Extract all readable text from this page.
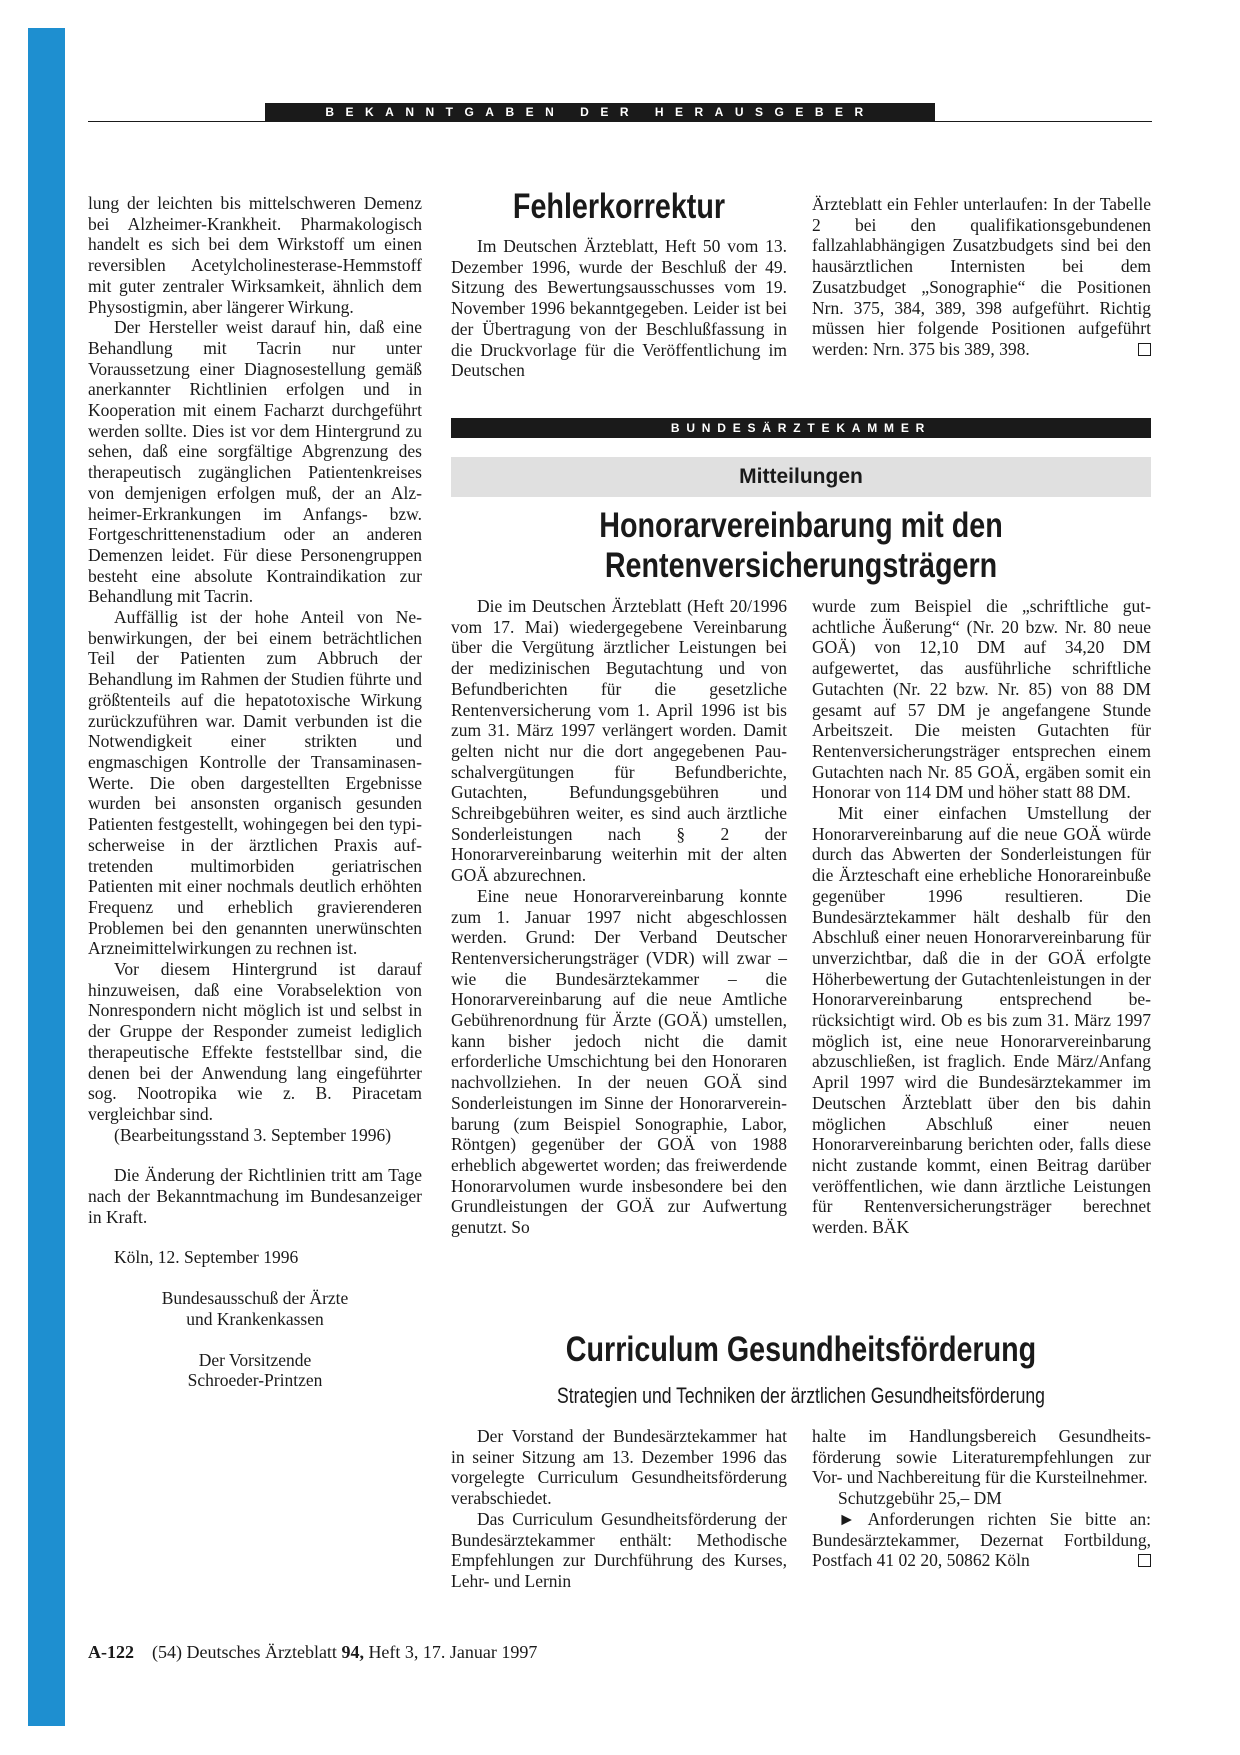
BEKANNTGABEN DER HERAUSGEBER

lung der leichten bis mittelschweren Demenz bei Alzheimer-Krankheit. Pharmakologisch handelt es sich bei dem Wirkstoff um einen reversiblen Acetylcholinesterase-Hemmstoff mit guter zentraler Wirksamkeit, ähnlich dem Physostigmin, aber längerer Wirkung.

Der Hersteller weist darauf hin, daß eine Behandlung mit Tacrin nur unter Voraussetzung einer Diagnosestellung gemäß anerkannter Richtlinien erfolgen und in Kooperation mit einem Facharzt durchgeführt werden sollte. Dies ist vor dem Hintergrund zu sehen, daß eine sorgfältige Abgrenzung des therapeutisch zugänglichen Patientenkreises von demjenigen erfolgen muß, der an Alzheimer-Erkrankungen im Anfangs- bzw. Fortgeschrittenenstadium oder an anderen Demenzen leidet. Für diese Personengruppen besteht eine absolute Kontraindikation zur Behandlung mit Tacrin.

Auffällig ist der hohe Anteil von Nebenwirkungen, der bei einem beträchtlichen Teil der Patienten zum Abbruch der Behandlung im Rahmen der Studien führte und größtenteils auf die hepatotoxische Wirkung zurückzuführen war. Damit verbunden ist die Notwendigkeit einer strikten und engmaschigen Kontrolle der Transaminasen-Werte. Die oben dargestellten Ergebnisse wurden bei ansonsten organisch gesunden Patienten festgestellt, wohingegen bei den typischerweise in der ärztlichen Praxis auftretenden multimorbiden geriatrischen Patienten mit einer nochmals deutlich erhöhten Frequenz und erheblich gravierenderen Problemen bei den genannten unerwünschten Arzneimittelwirkungen zu rechnen ist.

Vor diesem Hintergrund ist darauf hinzuweisen, daß eine Vorabselektion von Nonrespondern nicht möglich ist und selbst in der Gruppe der Responder zumeist lediglich therapeutische Effekte feststellbar sind, die denen bei der Anwendung lang eingeführter sog. Nootropika wie z. B. Piracetam vergleichbar sind.

(Bearbeitungsstand 3. September 1996)

Die Änderung der Richtlinien tritt am Tage nach der Bekanntmachung im Bundesanzeiger in Kraft.

Köln, 12. September 1996

Bundesausschuß der Ärzte

und Krankenkassen

Der Vorsitzende

Schroeder-Printzen

Fehlerkorrektur

Im Deutschen Ärzteblatt, Heft 50 vom 13. Dezember 1996, wurde der Beschluß der 49. Sitzung des Bewertungsausschusses vom 19. November 1996 bekanntgegeben. Leider ist bei der Übertragung von der Beschlußfassung in die Druckvorlage für die Veröffentlichung im Deutschen

Ärzteblatt ein Fehler unterlaufen: In der Tabelle 2 bei den qualifikationsgebundenen fallzahlabhängigen Zusatzbudgets sind bei den hausärztlichen Internisten bei dem Zusatzbudget „Sonographie“ die Positionen Nrn. 375, 384, 389, 398 aufgeführt. Richtig müssen hier folgende Positionen aufgeführt werden: Nrn. 375 bis 389, 398.

BUNDESÄRZTEKAMMER
Mitteilungen
Honorarvereinbarung mit den
Rentenversicherungsträgern

Die im Deutschen Ärzteblatt (Heft 20/1996 vom 17. Mai) wiedergegebene Vereinbarung über die Vergütung ärztlicher Leistungen bei der medizinischen Begutachtung und von Befundberichten für die gesetzliche Rentenversicherung vom 1. April 1996 ist bis zum 31. März 1997 verlängert worden. Damit gelten nicht nur die dort angegebenen Pauschalvergütungen für Befundberichte, Gutachten, Befundungsgebühren und Schreibgebühren weiter, es sind auch ärztliche Sonderleistungen nach § 2 der Honorarvereinbarung weiterhin mit der alten GOÄ abzurechnen.

Eine neue Honorarvereinbarung konnte zum 1. Januar 1997 nicht abgeschlossen werden. Grund: Der Verband Deutscher Rentenversicherungsträger (VDR) will zwar – wie die Bundesärztekammer – die Honorarvereinbarung auf die neue Amtliche Gebührenordnung für Ärzte (GOÄ) umstellen, kann bisher jedoch nicht die damit erforderliche Umschichtung bei den Honoraren nachvollziehen. In der neuen GOÄ sind Sonderleistungen im Sinne der Honorarvereinbarung (zum Beispiel Sonographie, Labor, Röntgen) gegenüber der GOÄ von 1988 erheblich abgewertet worden; das freiwerdende Honorarvolumen wurde insbesondere bei den Grundleistungen der GOÄ zur Aufwertung genutzt. So

wurde zum Beispiel die „schriftliche gutachtliche Äußerung“ (Nr. 20 bzw. Nr. 80 neue GOÄ) von 12,10 DM auf 34,20 DM aufgewertet, das ausführliche schriftliche Gutachten (Nr. 22 bzw. Nr. 85) von 88 DM gesamt auf 57 DM je angefangene Stunde Arbeitszeit. Die meisten Gutachten für Rentenversicherungsträger entsprechen einem Gutachten nach Nr. 85 GOÄ, ergäben somit ein Honorar von 114 DM und höher statt 88 DM.

Mit einer einfachen Umstellung der Honorarvereinbarung auf die neue GOÄ würde durch das Abwerten der Sonderleistungen für die Ärzteschaft eine erhebliche Honorareinbuße gegenüber 1996 resultieren. Die Bundesärztekammer hält deshalb für den Abschluß einer neuen Honorarvereinbarung für unverzichtbar, daß die in der GOÄ erfolgte Höherbewertung der Gutachtenleistungen in der Honorarvereinbarung entsprechend berücksichtigt wird. Ob es bis zum 31. März 1997 möglich ist, eine neue Honorarvereinbarung abzuschließen, ist fraglich. Ende März/Anfang April 1997 wird die Bundesärztekammer im Deutschen Ärzteblatt über den bis dahin möglichen Abschluß einer neuen Honorarvereinbarung berichten oder, falls diese nicht zustande kommt, einen Beitrag darüber veröffentlichen, wie dann ärztliche Leistungen für Rentenversicherungsträger berechnet werden. BÄK

Curriculum Gesundheitsförderung
Strategien und Techniken der ärztlichen Gesundheitsförderung

Der Vorstand der Bundesärztekammer hat in seiner Sitzung am 13. Dezember 1996 das vorgelegte Curriculum Gesundheitsförderung verabschiedet.

Das Curriculum Gesundheitsförderung der Bundesärztekammer enthält: Methodische Empfehlungen zur Durchführung des Kurses, Lehr- und Lernin

halte im Handlungsbereich Gesundheitsförderung sowie Literaturempfehlungen zur Vor- und Nachbereitung für die Kursteilnehmer.

Schutzgebühr 25,– DM

► Anforderungen richten Sie bitte an: Bundesärztekammer, Dezernat Fortbildung, Postfach 41 02 20, 50862 Köln

A-122 (54) Deutsches Ärzteblatt 94, Heft 3, 17. Januar 1997
